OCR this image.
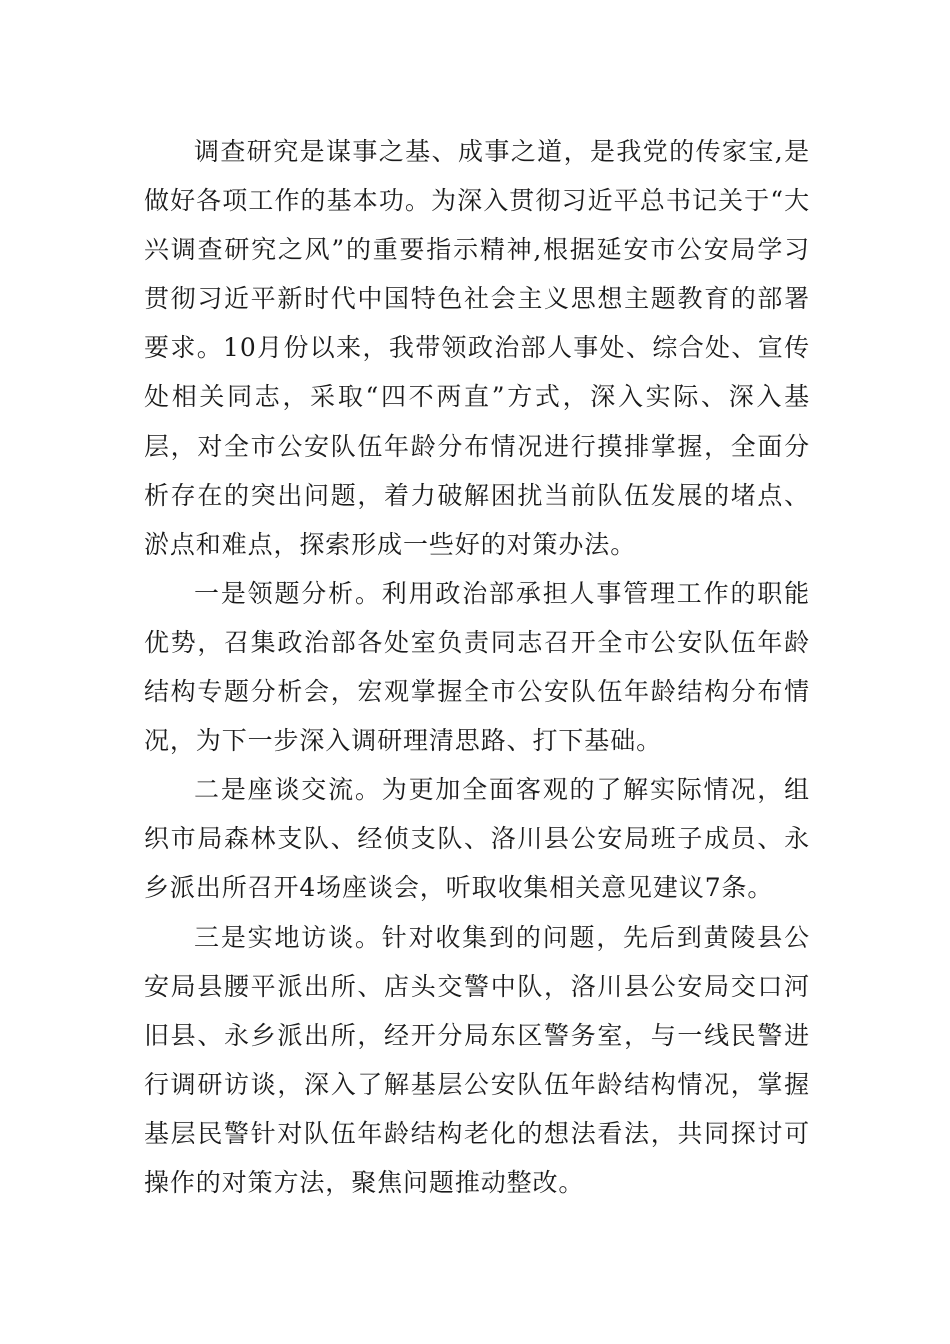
调查研究是谋事之基、成事之道，是我党的传家宝,是做好各项工作的基本功。为深入贯彻习近平总书记关于“大兴调查研究之风”的重要指示精神,根据延安市公安局学习贯彻习近平新时代中国特色社会主义思想主题教育的部署要求。10月份以来，我带领政治部人事处、综合处、宣传处相关同志，采取“四不两直”方式，深入实际、深入基层，对全市公安队伍年龄分布情况进行摸排掌握，全面分析存在的突出问题，着力破解困扰当前队伍发展的堵点、淤点和难点，探索形成一些好的对策办法。

一是领题分析。利用政治部承担人事管理工作的职能优势，召集政治部各处室负责同志召开全市公安队伍年龄结构专题分析会，宏观掌握全市公安队伍年龄结构分布情况，为下一步深入调研理清思路、打下基础。

二是座谈交流。为更加全面客观的了解实际情况，组织市局森林支队、经侦支队、洛川县公安局班子成员、永乡派出所召开4场座谈会，听取收集相关意见建议7条。

三是实地访谈。针对收集到的问题，先后到黄陵县公安局县腰平派出所、店头交警中队，洛川县公安局交口河旧县、永乡派出所，经开分局东区警务室，与一线民警进行调研访谈，深入了解基层公安队伍年龄结构情况，掌握基层民警针对队伍年龄结构老化的想法看法，共同探讨可操作的对策方法，聚焦问题推动整改。
